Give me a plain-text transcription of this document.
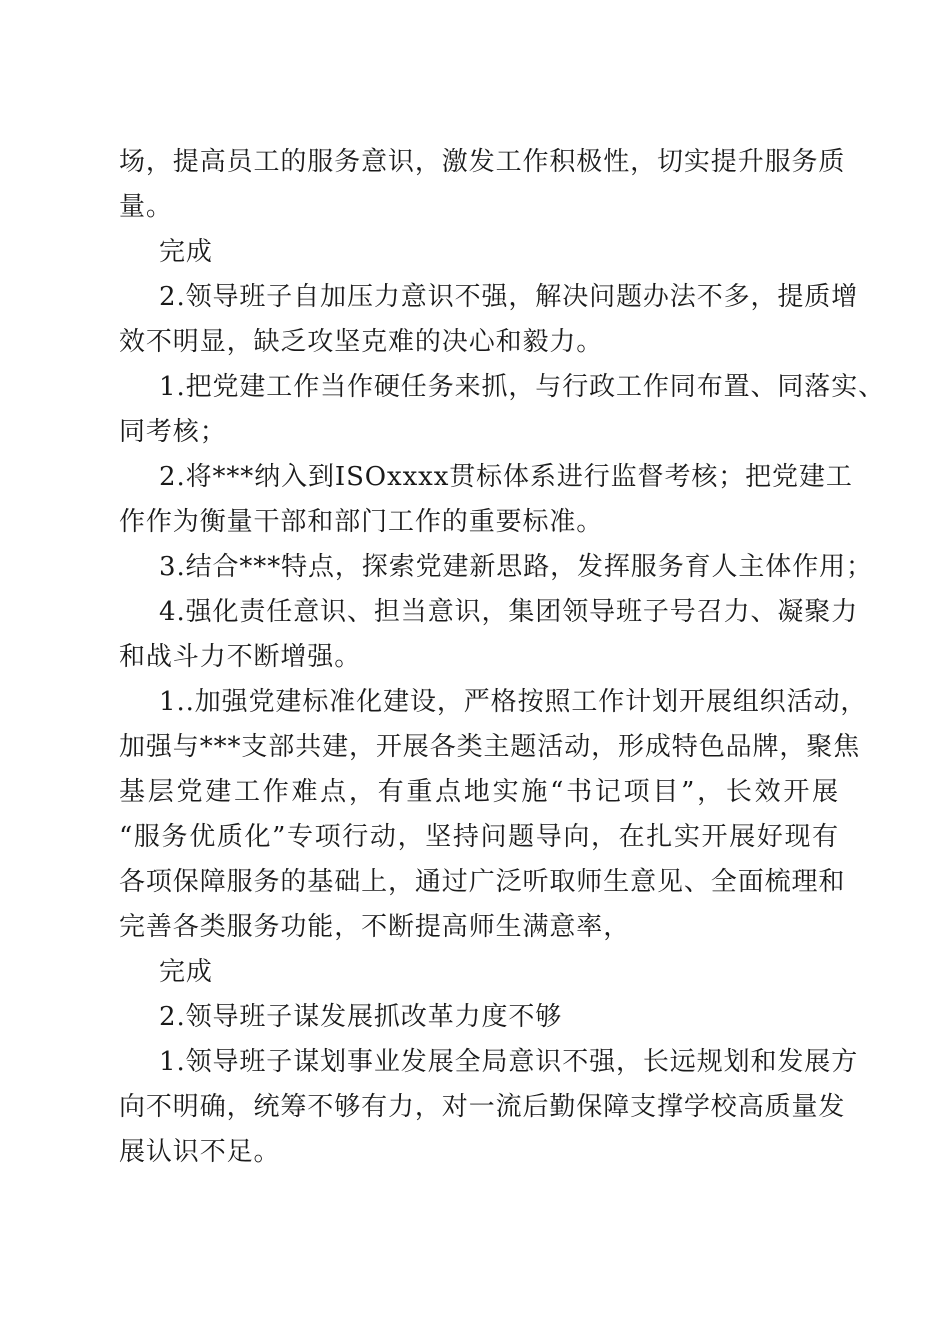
场，提高员工的服务意识，激发工作积极性，切实提升服务质
量。
完成
2.领导班子自加压力意识不强，解决问题办法不多，提质增
效不明显，缺乏攻坚克难的决心和毅力。
1.把党建工作当作硬任务来抓，与行政工作同布置、同落实、
同考核；
2.将***纳入到ISOxxxx贯标体系进行监督考核；把党建工
作作为衡量干部和部门工作的重要标准。
3.结合***特点，探索党建新思路，发挥服务育人主体作用；
4.强化责任意识、担当意识，集团领导班子号召力、凝聚力
和战斗力不断增强。
1..加强党建标准化建设，严格按照工作计划开展组织活动，
加强与***支部共建，开展各类主题活动，形成特色品牌，聚焦
基层党建工作难点，有重点地实施“书记项目”，长效开展
“服务优质化”专项行动，坚持问题导向，在扎实开展好现有
各项保障服务的基础上，通过广泛听取师生意见、全面梳理和
完善各类服务功能，不断提高师生满意率，
完成
2.领导班子谋发展抓改革力度不够
1.领导班子谋划事业发展全局意识不强，长远规划和发展方
向不明确，统筹不够有力，对一流后勤保障支撑学校高质量发
展认识不足。
